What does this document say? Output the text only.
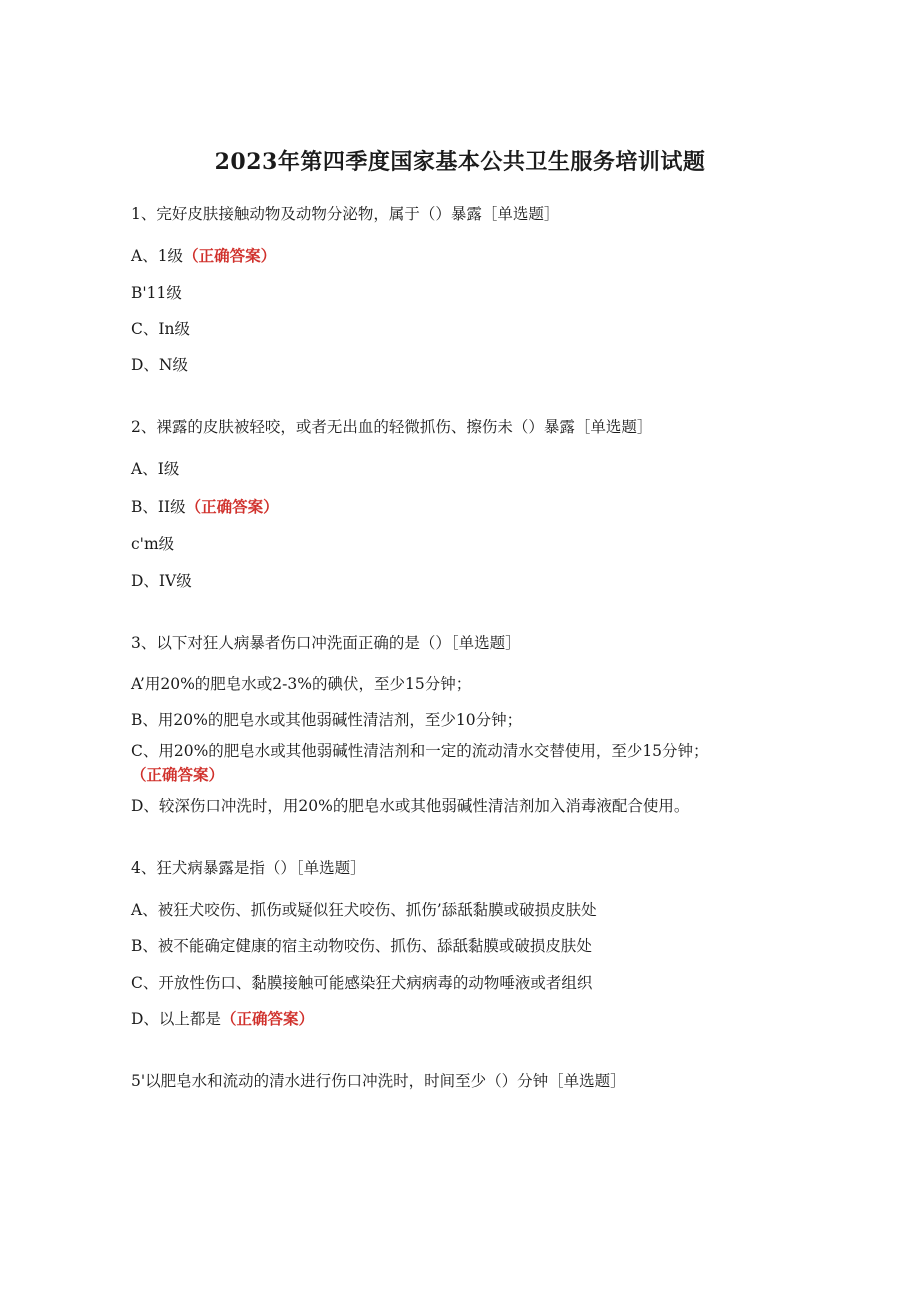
2023年第四季度国家基本公共卫生服务培训试题
1、完好皮肤接触动物及动物分泌物，属于（）暴露［单选题］
A、1级（正确答案）
B'11级
C、In级
D、N级
2、裸露的皮肤被轻咬，或者无出血的轻微抓伤、擦伤未（）暴露［单选题］
A、I级
B、II级（正确答案）
c'm级
D、IV级
3、以下对狂人病暴者伤口冲洗面正确的是（）［单选题］
A’用20%的肥皂水或2-3%的碘伏，至少15分钟；
B、用20%的肥皂水或其他弱碱性清洁剂，至少10分钟；
C、用20%的肥皂水或其他弱碱性清洁剂和一定的流动清水交替使用，至少15分钟；
（正确答案）
D、较深伤口冲洗时，用20%的肥皂水或其他弱碱性清洁剂加入消毒液配合使用。
4、狂犬病暴露是指（）［单选题］
A、被狂犬咬伤、抓伤或疑似狂犬咬伤、抓伤’舔舐黏膜或破损皮肤处
B、被不能确定健康的宿主动物咬伤、抓伤、舔舐黏膜或破损皮肤处
C、开放性伤口、黏膜接触可能感染狂犬病病毒的动物唾液或者组织
D、以上都是（正确答案）
5'以肥皂水和流动的清水进行伤口冲洗时，时间至少（）分钟［单选题］
